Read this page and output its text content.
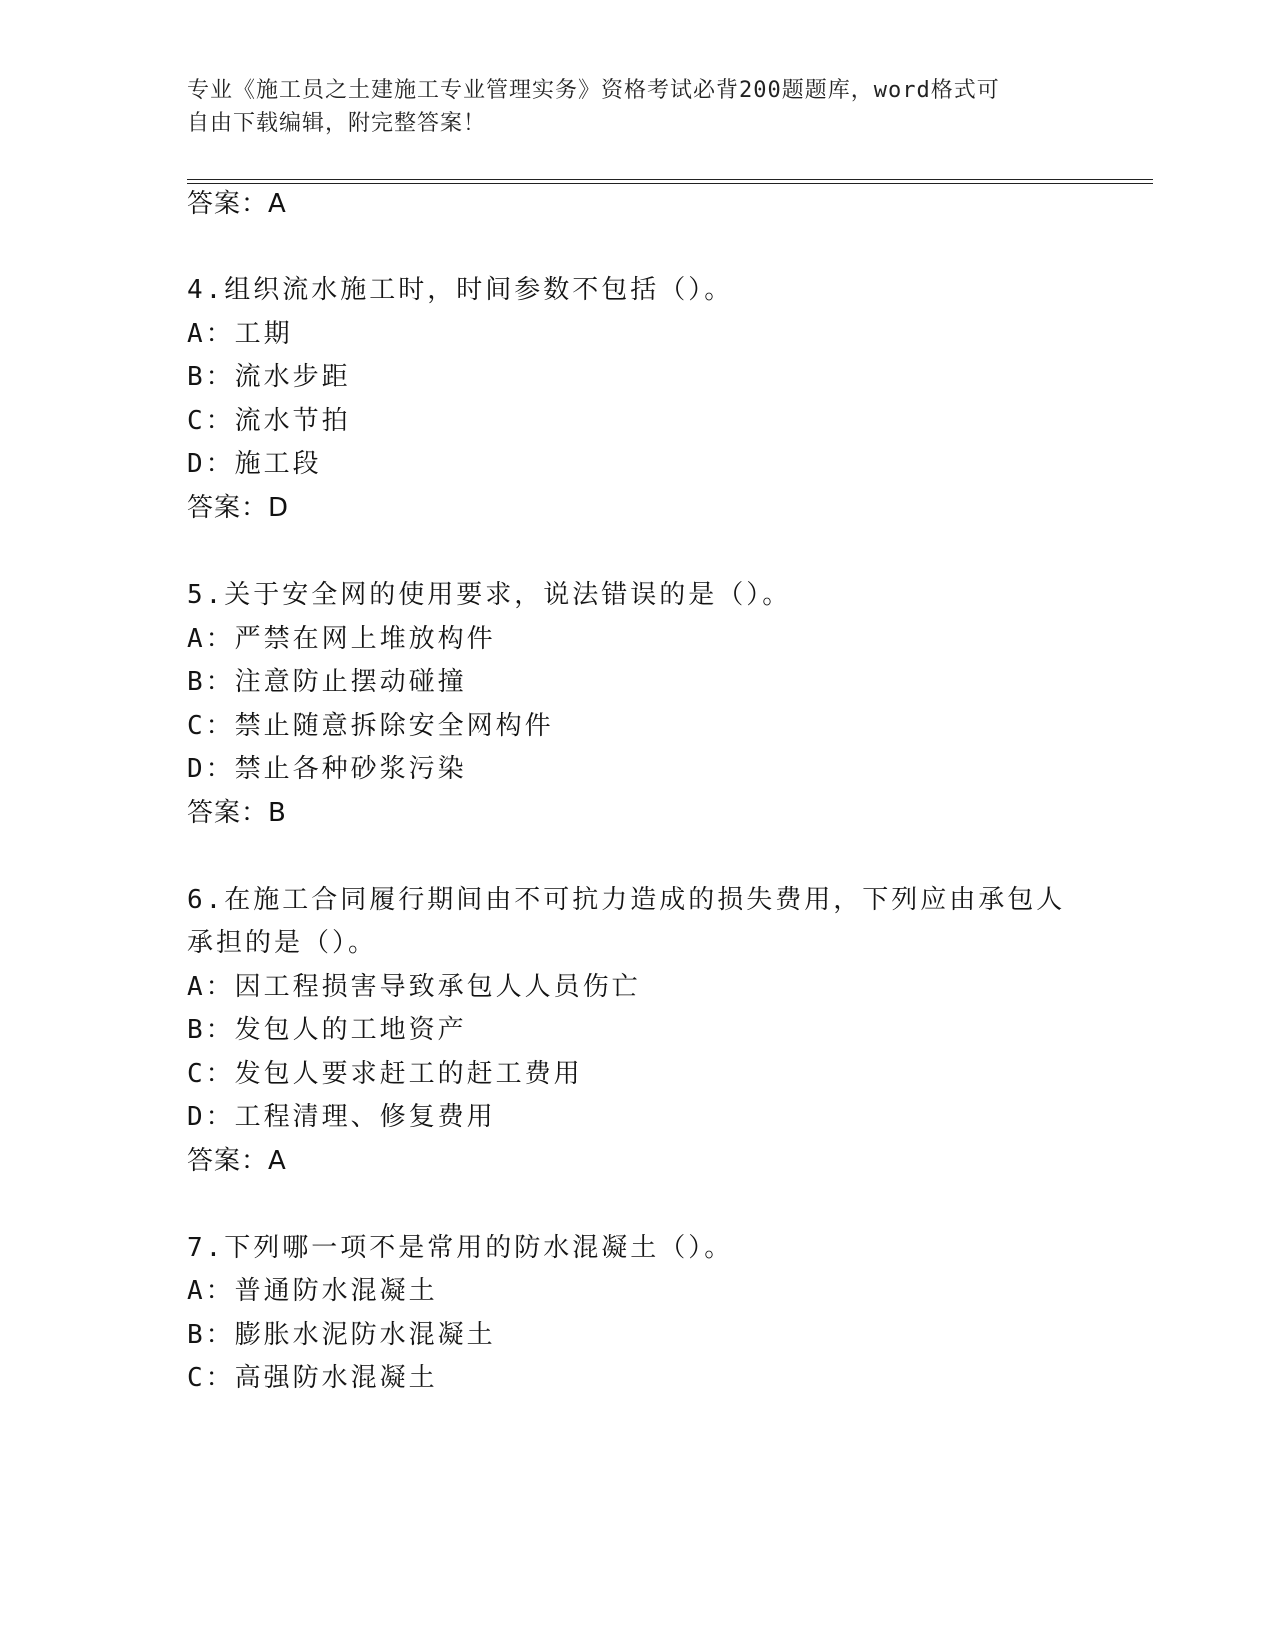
专业《施工员之土建施工专业管理实务》资格考试必背200题题库，word格式可
自由下载编辑，附完整答案！
答案：A
4.组织流水施工时，时间参数不包括（）。
A：工期
B：流水步距
C：流水节拍
D：施工段
答案：D
5.关于安全网的使用要求，说法错误的是（）。
A：严禁在网上堆放构件
B：注意防止摆动碰撞
C：禁止随意拆除安全网构件
D：禁止各种砂浆污染
答案：B
6.在施工合同履行期间由不可抗力造成的损失费用，下列应由承包人
承担的是（）。
A：因工程损害导致承包人人员伤亡
B：发包人的工地资产
C：发包人要求赶工的赶工费用
D：工程清理、修复费用
答案：A
7.下列哪一项不是常用的防水混凝土（）。
A：普通防水混凝土
B：膨胀水泥防水混凝土
C：高强防水混凝土
